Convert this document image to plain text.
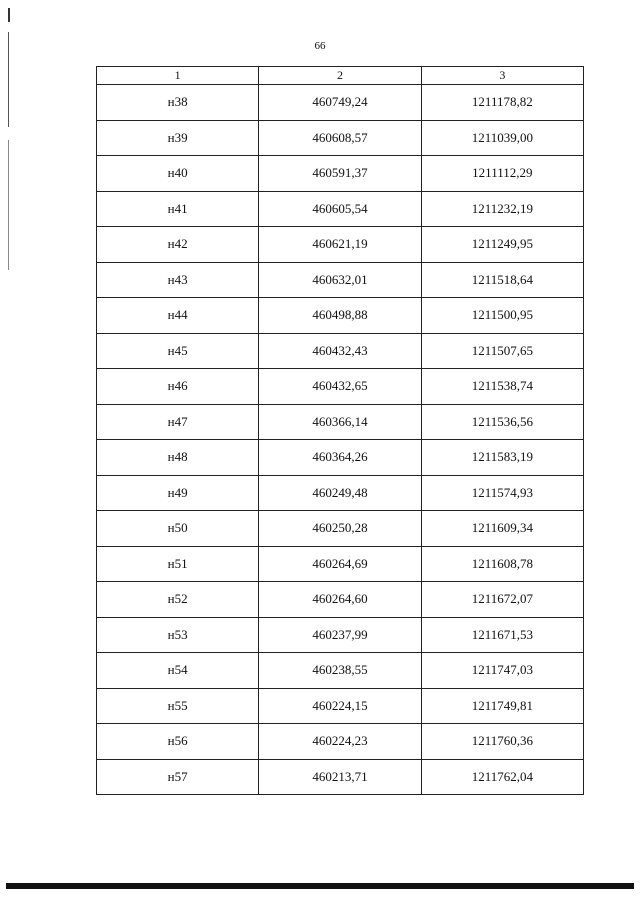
66
1	2	3
н38	460749,24	1211178,82
н39	460608,57	1211039,00
н40	460591,37	1211112,29
н41	460605,54	1211232,19
н42	460621,19	1211249,95
н43	460632,01	1211518,64
н44	460498,88	1211500,95
н45	460432,43	1211507,65
н46	460432,65	1211538,74
н47	460366,14	1211536,56
н48	460364,26	1211583,19
н49	460249,48	1211574,93
н50	460250,28	1211609,34
н51	460264,69	1211608,78
н52	460264,60	1211672,07
н53	460237,99	1211671,53
н54	460238,55	1211747,03
н55	460224,15	1211749,81
н56	460224,23	1211760,36
н57	460213,71	1211762,04
